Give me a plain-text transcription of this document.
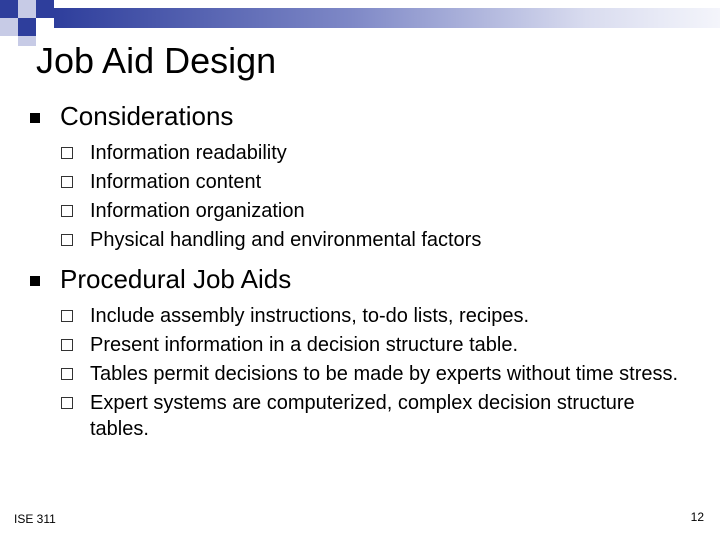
Job Aid Design
Considerations
Information readability
Information content
Information organization
Physical handling and environmental factors
Procedural Job Aids
Include assembly instructions, to-do lists, recipes.
Present information in a decision structure table.
Tables permit decisions to be made by experts without time stress.
Expert systems are computerized, complex decision structure tables.
ISE 311	12
